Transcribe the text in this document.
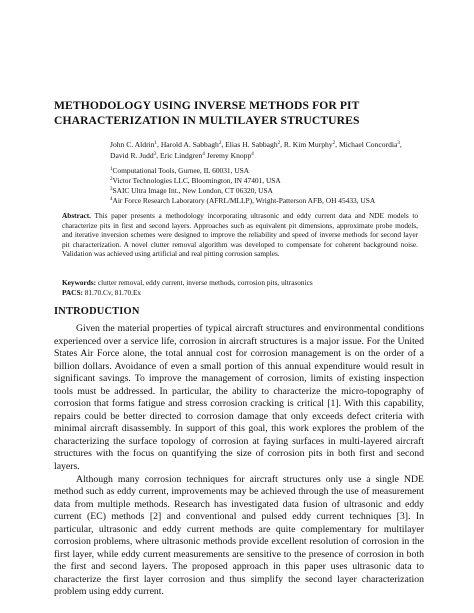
METHODOLOGY USING INVERSE METHODS FOR PIT
CHARACTERIZATION IN MULTILAYER STRUCTURES
John C. Aldrin$^1$, Harold A. Sabbagh$^2$, Elias H. Sabbagh$^2$, R. Kim Murphy$^2$, Michael Concordia$^3$, David R. Judd$^3$, Eric Lindgren$^4$ Jeremy Knopp$^4$
$^1$Computational Tools, Gurnee, IL 60031, USA
$^2$Victor Technologies LLC, Bloomington, IN 47401, USA
$^3$SAIC Ultra Image Int., New London, CT 06320, USA
$^4$Air Force Research Laboratory (AFRL/MLLP), Wright-Patterson AFB, OH 45433, USA
Abstract. This paper presents a methodology incorporating ultrasonic and eddy current data and NDE models to characterize pits in first and second layers. Approaches such as equivalent pit dimensions, approximate probe models, and iterative inversion schemes were designed to improve the reliability and speed of inverse methods for second layer pit characterization. A novel clutter removal algorithm was developed to compensate for coherent background noise. Validation was achieved using artificial and real pitting corrosion samples.
Keywords: clutter removal, eddy current, inverse methods, corrosion pits, ultrasonics
PACS: 81.70.Cv, 81.70.Ex
INTRODUCTION

Given the material properties of typical aircraft structures and environmental conditions experienced over a service life, corrosion in aircraft structures is a major issue. For the United States Air Force alone, the total annual cost for corrosion management is on the order of a billion dollars. Avoidance of even a small portion of this annual expenditure would result in significant savings. To improve the management of corrosion, limits of existing inspection tools must be addressed. In particular, the ability to characterize the micro-topography of corrosion that forms fatigue and stress corrosion cracking is critical [1]. With this capability, repairs could be better directed to corrosion damage that only exceeds defect criteria with minimal aircraft disassembly. In support of this goal, this work explores the problem of the characterizing the surface topology of corrosion at faying surfaces in multi-layered aircraft structures with the focus on quantifying the size of corrosion pits in both first and second layers.

Although many corrosion techniques for aircraft structures only use a single NDE method such as eddy current, improvements may be achieved through the use of measurement data from multiple methods. Research has investigated data fusion of ultrasonic and eddy current (EC) methods [2] and conventional and pulsed eddy current techniques [3]. In particular, ultrasonic and eddy current methods are quite complementary for multilayer corrosion problems, where ultrasonic methods provide excellent resolution of corrosion in the first layer, while eddy current measurements are sensitive to the presence of corrosion in both the first and second layers. The proposed approach in this paper uses ultrasonic data to characterize the first layer corrosion and thus simplify the second layer characterization problem using eddy current.
